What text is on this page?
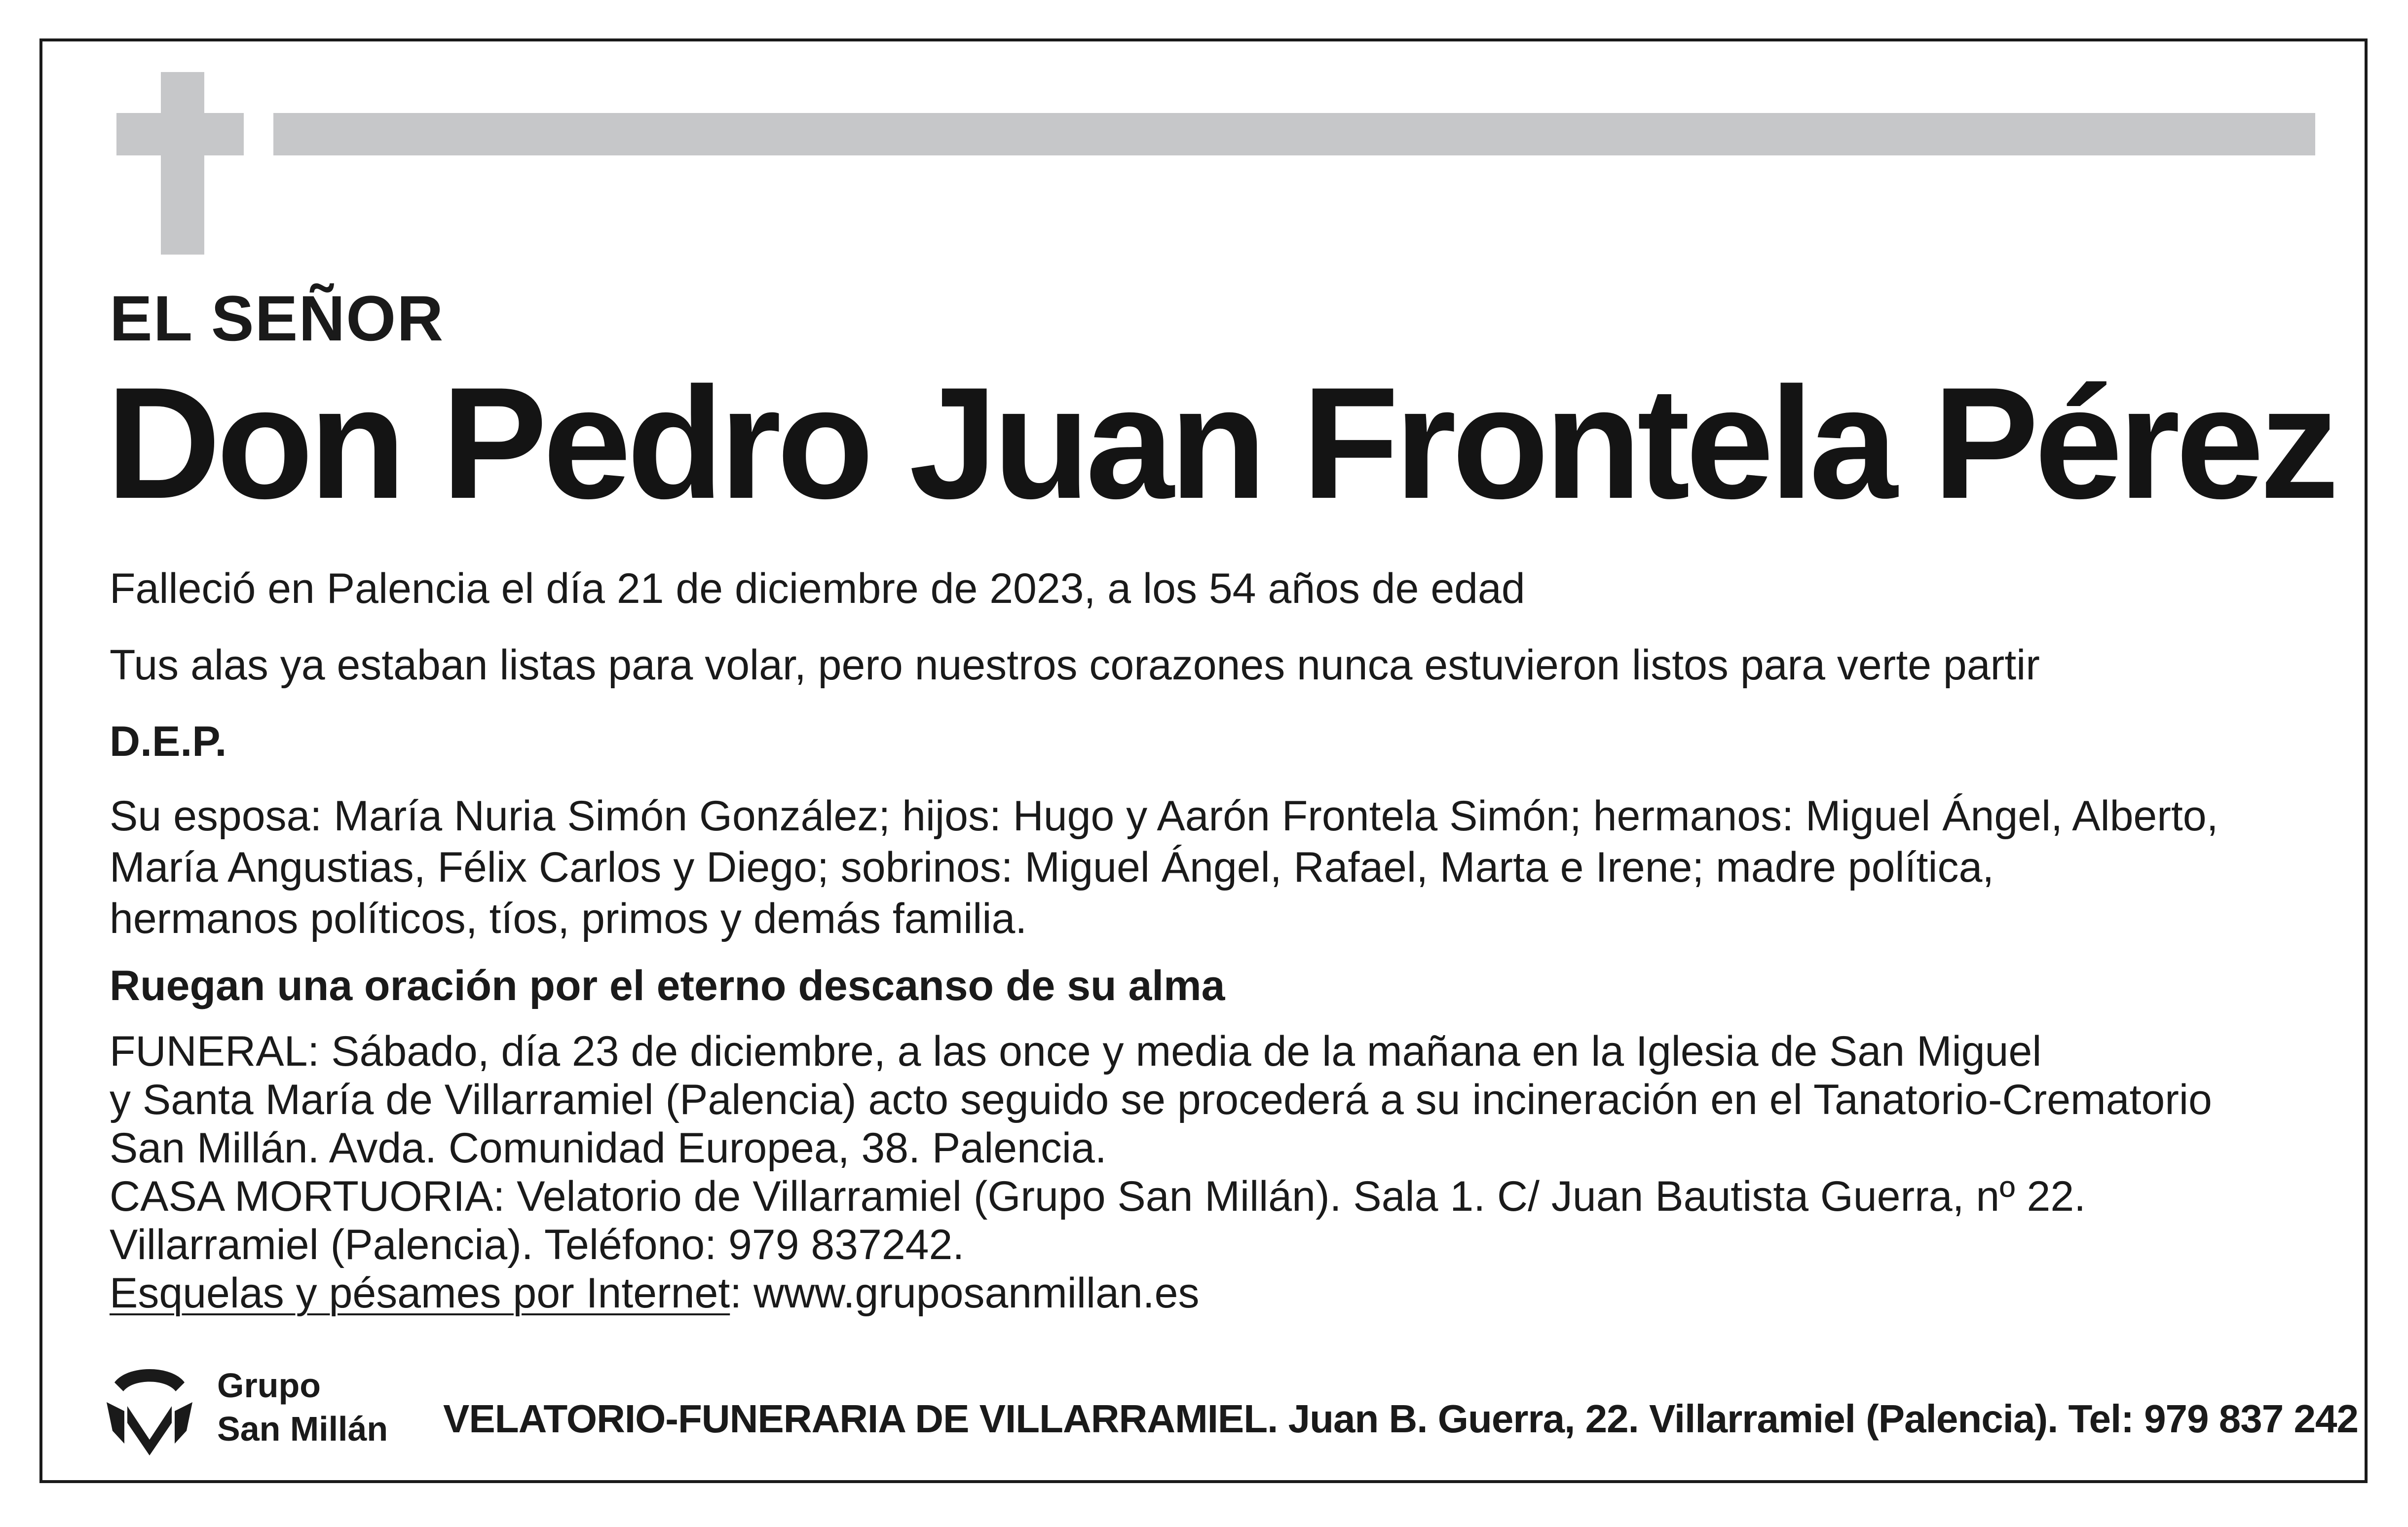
EL SEÑOR
Don Pedro Juan Frontela Pérez
Falleció en Palencia el día 21 de diciembre de 2023, a los 54 años de edad
Tus alas ya estaban listas para volar, pero nuestros corazones nunca estuvieron listos para verte partir
D.E.P.
Su esposa: María Nuria Simón González; hijos: Hugo y Aarón Frontela Simón; hermanos: Miguel Ángel, Alberto,
María Angustias, Félix Carlos y Diego; sobrinos: Miguel Ángel, Rafael, Marta e Irene; madre política,
hermanos políticos, tíos, primos y demás familia.
Ruegan una oración por el eterno descanso de su alma
FUNERAL: Sábado, día 23 de diciembre, a las once y media de la mañana en la Iglesia de San Miguel
y Santa María de Villarramiel (Palencia) acto seguido se procederá a su incineración en el Tanatorio-Crematorio
San Millán. Avda. Comunidad Europea, 38. Palencia.
CASA MORTUORIA: Velatorio de Villarramiel (Grupo San Millán). Sala 1. C/ Juan Bautista Guerra, nº 22.
Villarramiel (Palencia). Teléfono: 979 837242.
Esquelas y pésames por Internet: www.gruposanmillan.es
Grupo
San Millán VELATORIO-FUNERARIA DE VILLARRAMIEL. Juan B. Guerra, 22. Villarramiel (Palencia). Tel: 979 837 242
